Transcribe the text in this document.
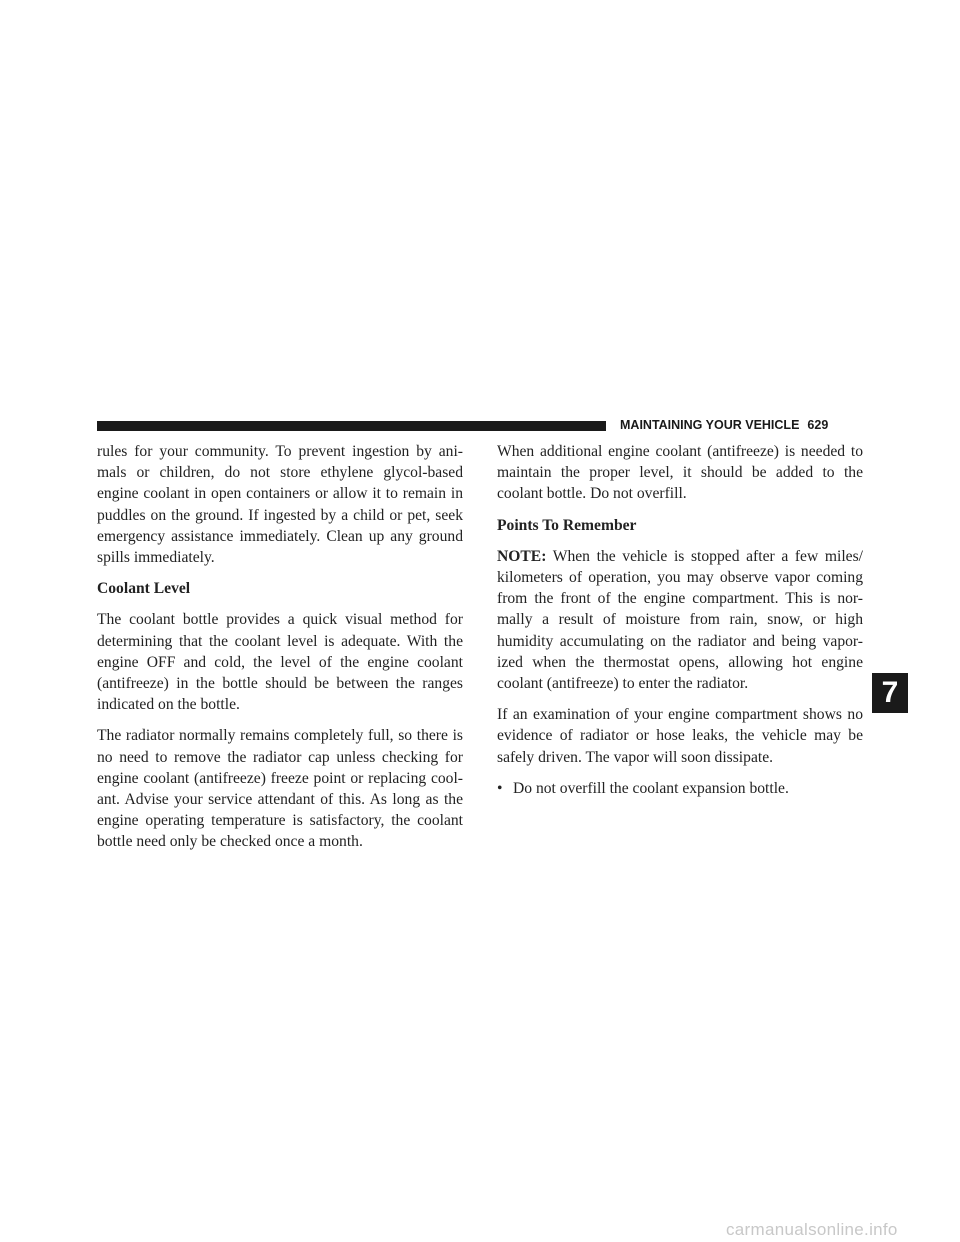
MAINTAINING YOUR VEHICLE 629

rules for your community. To prevent ingestion by ani- mals or children, do not store ethylene glycol-based engine coolant in open containers or allow it to remain in puddles on the ground. If ingested by a child or pet, seek emergency assistance immediately. Clean up any ground spills immediately.

Coolant Level

The coolant bottle provides a quick visual method for determining that the coolant level is adequate. With the engine OFF and cold, the level of the engine coolant (antifreeze) in the bottle should be between the ranges indicated on the bottle.

The radiator normally remains completely full, so there is no need to remove the radiator cap unless checking for engine coolant (antifreeze) freeze point or replacing cool- ant. Advise your service attendant of this. As long as the engine operating temperature is satisfactory, the coolant bottle need only be checked once a month.

When additional engine coolant (antifreeze) is needed to maintain the proper level, it should be added to the coolant bottle. Do not overfill.

Points To Remember

NOTE: When the vehicle is stopped after a few miles/ kilometers of operation, you may observe vapor coming from the front of the engine compartment. This is nor- mally a result of moisture from rain, snow, or high humidity accumulating on the radiator and being vapor- ized when the thermostat opens, allowing hot engine coolant (antifreeze) to enter the radiator.

If an examination of your engine compartment shows no evidence of radiator or hose leaks, the vehicle may be safely driven. The vapor will soon dissipate.

• Do not overfill the coolant expansion bottle.

7
carmanualsonline.info
